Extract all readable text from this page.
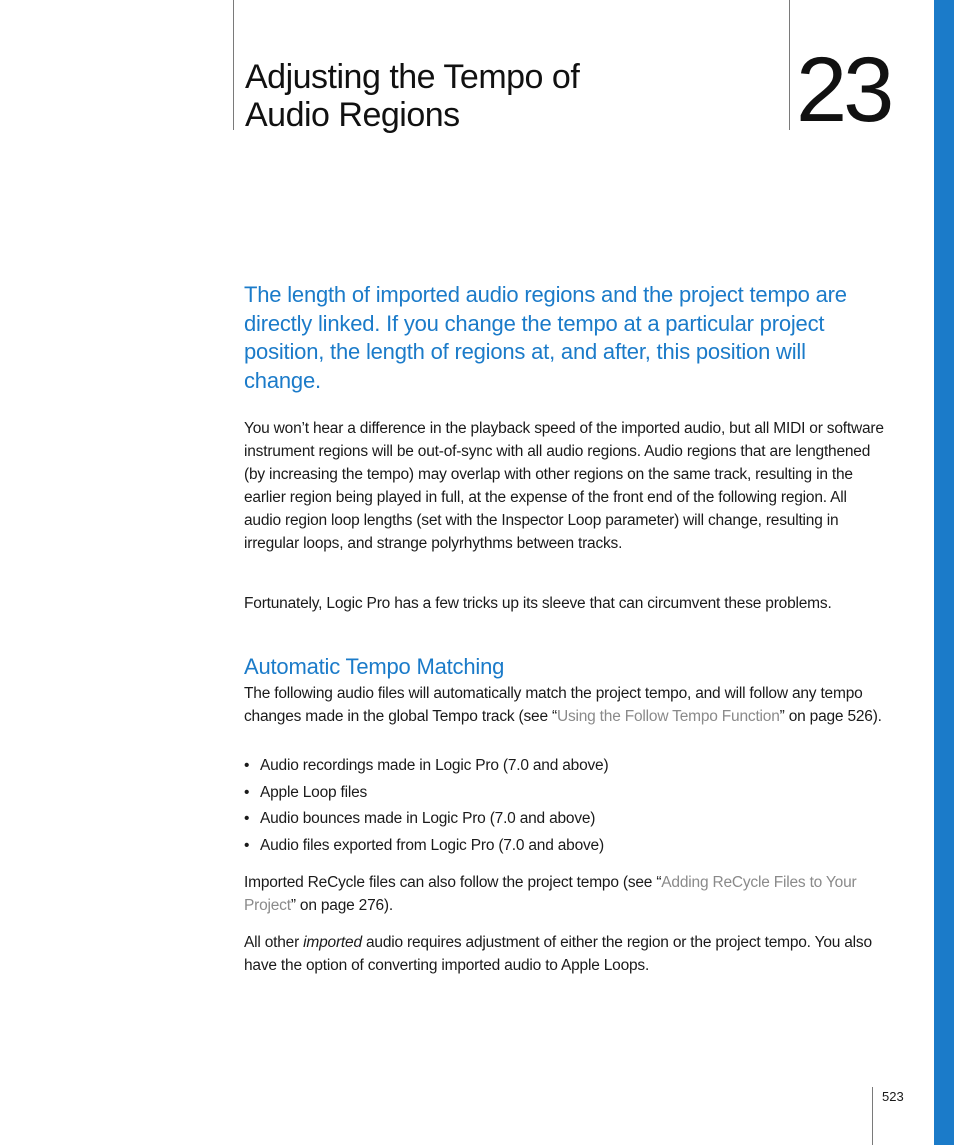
Adjusting the Tempo of
Audio Regions	23

The length of imported audio regions and the project tempo are directly linked. If you change the tempo at a particular project position, the length of regions at, and after, this position will change.

You won’t hear a difference in the playback speed of the imported audio, but all MIDI or software instrument regions will be out-of-sync with all audio regions. Audio regions that are lengthened (by increasing the tempo) may overlap with other regions on the same track, resulting in the earlier region being played in full, at the expense of the front end of the following region. All audio region loop lengths (set with the Inspector Loop parameter) will change, resulting in irregular loops, and strange polyrhythms between tracks.

Fortunately, Logic Pro has a few tricks up its sleeve that can circumvent these problems.

Automatic Tempo Matching

The following audio files will automatically match the project tempo, and will follow any tempo changes made in the global Tempo track (see “Using the Follow Tempo Function” on page 526).

• Audio recordings made in Logic Pro (7.0 and above)
• Apple Loop files
• Audio bounces made in Logic Pro (7.0 and above)
• Audio files exported from Logic Pro (7.0 and above)

Imported ReCycle files can also follow the project tempo (see “Adding ReCycle Files to Your Project” on page 276).

All other imported audio requires adjustment of either the region or the project tempo. You also have the option of converting imported audio to Apple Loops.

523
